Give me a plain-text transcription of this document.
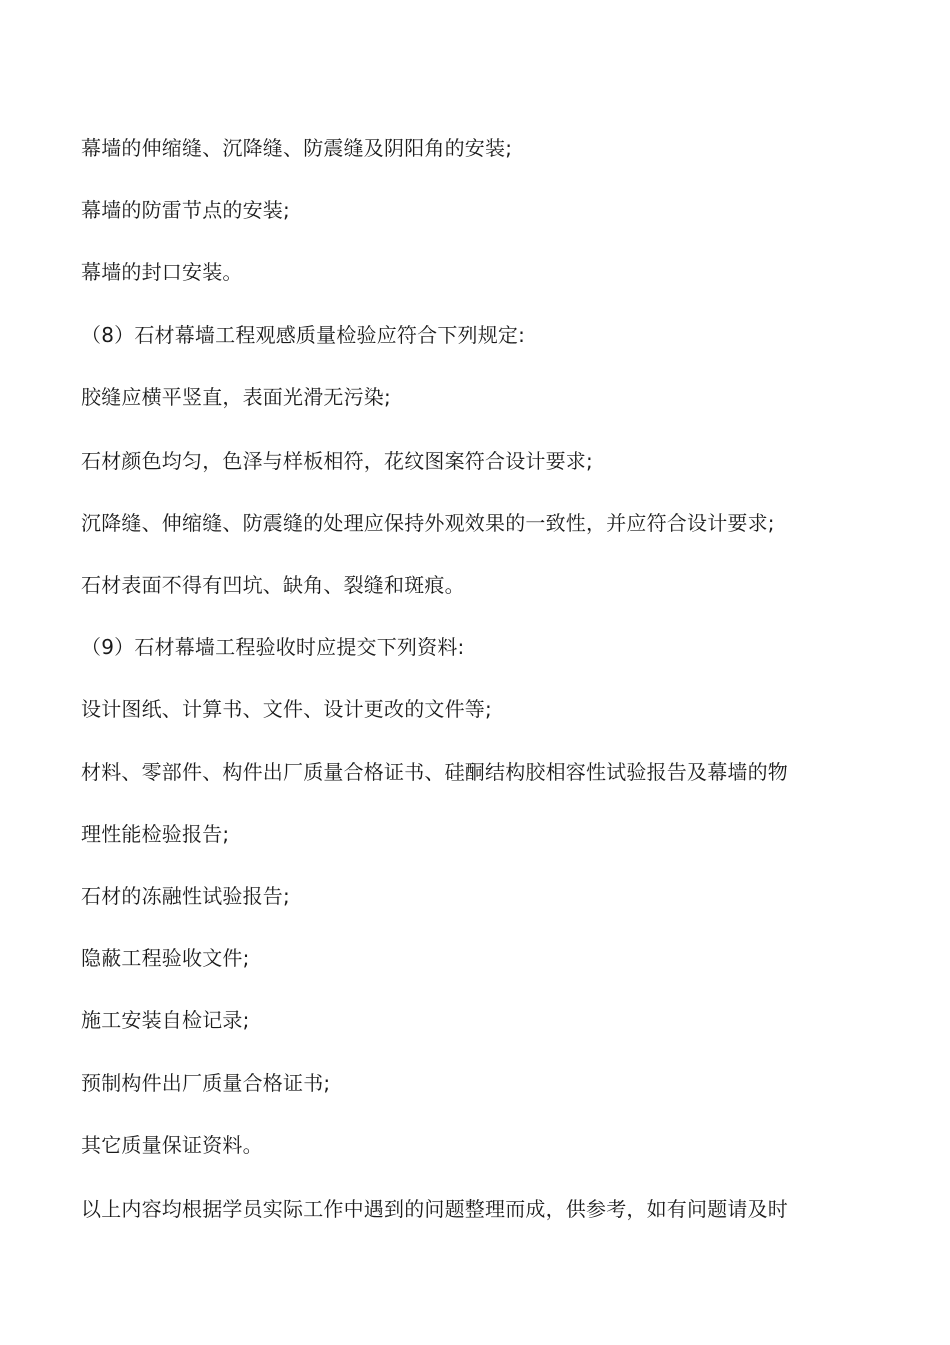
幕墙的伸缩缝、沉降缝、防震缝及阴阳角的安装;
幕墙的防雷节点的安装;
幕墙的封口安装。
（8）石材幕墙工程观感质量检验应符合下列规定:
胶缝应横平竖直，表面光滑无污染;
石材颜色均匀，色泽与样板相符，花纹图案符合设计要求;
沉降缝、伸缩缝、防震缝的处理应保持外观效果的一致性，并应符合设计要求;
石材表面不得有凹坑、缺角、裂缝和斑痕。
（9）石材幕墙工程验收时应提交下列资料:
设计图纸、计算书、文件、设计更改的文件等;
材料、零部件、构件出厂质量合格证书、硅酮结构胶相容性试验报告及幕墙的物
理性能检验报告;
石材的冻融性试验报告;
隐蔽工程验收文件;
施工安装自检记录;
预制构件出厂质量合格证书;
其它质量保证资料。
以上内容均根据学员实际工作中遇到的问题整理而成，供参考，如有问题请及时
